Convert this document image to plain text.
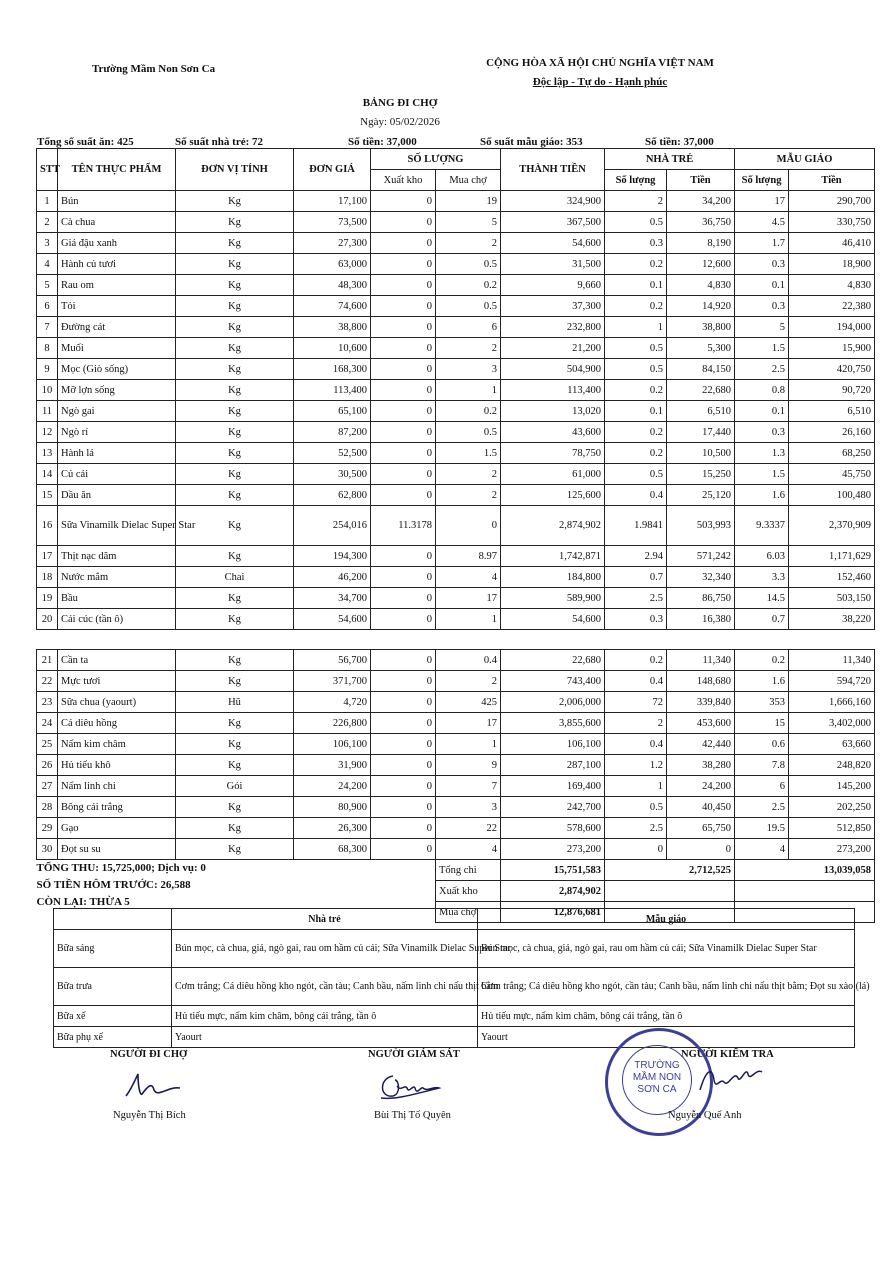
Trường Mầm Non Sơn Ca	CỘNG HÒA XÃ HỘI CHỦ NGHĨA VIỆT NAM
Độc lập - Tự do - Hạnh phúc
BẢNG ĐI CHỢ
Ngày: 05/02/2026
Tổng số suất ăn: 425	Số suất nhà trẻ: 72	Số tiền: 37,000	Số suất mẫu giáo: 353	Số tiền: 37,000
STT	TÊN THỰC PHẨM	ĐƠN VỊ TÍNH	ĐƠN GIÁ	SỐ LƯỢNG		THÀNH TIỀN	NHÀ TRẺ		MẪU GIÁO	
				Xuất kho	Mua chợ		Số lượng	Tiền	Số lượng	Tiền
1	Bún	Kg	17,100	0	19	324,900	2	34,200	17	290,700
2	Cà chua	Kg	73,500	0	5	367,500	0.5	36,750	4.5	330,750
3	Giá đậu xanh	Kg	27,300	0	2	54,600	0.3	8,190	1.7	46,410
4	Hành củ tươi	Kg	63,000	0	0.5	31,500	0.2	12,600	0.3	18,900
5	Rau om	Kg	48,300	0	0.2	9,660	0.1	4,830	0.1	4,830
6	Tỏi	Kg	74,600	0	0.5	37,300	0.2	14,920	0.3	22,380
7	Đường cát	Kg	38,800	0	6	232,800	1	38,800	5	194,000
8	Muối	Kg	10,600	0	2	21,200	0.5	5,300	1.5	15,900
9	Mọc (Giò sống)	Kg	168,300	0	3	504,900	0.5	84,150	2.5	420,750
10	Mỡ lợn sống	Kg	113,400	0	1	113,400	0.2	22,680	0.8	90,720
11	Ngò gai	Kg	65,100	0	0.2	13,020	0.1	6,510	0.1	6,510
12	Ngò rí	Kg	87,200	0	0.5	43,600	0.2	17,440	0.3	26,160
13	Hành lá	Kg	52,500	0	1.5	78,750	0.2	10,500	1.3	68,250
14	Củ cải	Kg	30,500	0	2	61,000	0.5	15,250	1.5	45,750
15	Dầu ăn	Kg	62,800	0	2	125,600	0.4	25,120	1.6	100,480
16	Sữa Vinamilk Dielac Super Star	Kg	254,016	11.3178	0	2,874,902	1.9841	503,993	9.3337	2,370,909
17	Thịt nạc dăm	Kg	194,300	0	8.97	1,742,871	2.94	571,242	6.03	1,171,629
18	Nước mắm	Chai	46,200	0	4	184,800	0.7	32,340	3.3	152,460
19	Bầu	Kg	34,700	0	17	589,900	2.5	86,750	14.5	503,150
20	Cải cúc (tần ô)	Kg	54,600	0	1	54,600	0.3	16,380	0.7	38,220
21	Cần ta	Kg	56,700	0	0.4	22,680	0.2	11,340	0.2	11,340
22	Mực tươi	Kg	371,700	0	2	743,400	0.4	148,680	1.6	594,720
23	Sữa chua (yaourt)	Hũ	4,720	0	425	2,006,000	72	339,840	353	1,666,160
24	Cá diêu hồng	Kg	226,800	0	17	3,855,600	2	453,600	15	3,402,000
25	Nấm kim châm	Kg	106,100	0	1	106,100	0.4	42,440	0.6	63,660
26	Hủ tiếu khô	Kg	31,900	0	9	287,100	1.2	38,280	7.8	248,820
27	Nấm linh chi	Gói	24,200	0	7	169,400	1	24,200	6	145,200
28	Bông cải trắng	Kg	80,900	0	3	242,700	0.5	40,450	2.5	202,250
29	Gạo	Kg	26,300	0	22	578,600	2.5	65,750	19.5	512,850
30	Đọt su su	Kg	68,300	0	4	273,200	0	0	4	273,200

TỔNG THU: 15,725,000; Dịch vụ: 0
SỐ TIỀN HÔM TRƯỚC: 26,588
CÒN LẠI: THỪA 5					Tổng chi	15,751,583	2,712,525		13,039,058	
					Xuất kho	2,874,902				
					Mua chợ	12,876,681				
	Nhà trẻ	Mẫu giáo
Bữa sáng	Bún mọc, cà chua, giá, ngò gai, rau om hầm củ cải; Sữa Vinamilk Dielac Super Star	Bún mọc, cà chua, giá, ngò gai, rau om hầm củ cải; Sữa Vinamilk Dielac Super Star
Bữa trưa	Cơm trắng; Cá diêu hồng kho ngót, cần tàu; Canh bầu, nấm linh chi nấu thịt bằm	Cơm trắng; Cá diêu hồng kho ngót, cần tàu; Canh bầu, nấm linh chi nấu thịt bằm; Đọt su xào (lá)
Bữa xế	Hủ tiếu mực, nấm kim châm, bông cải trắng, tần ô	Hủ tiếu mực, nấm kim châm, bông cải trắng, tần ô
Bữa phụ xế	Yaourt	Yaourt
NGƯỜI ĐI CHỢ
Nguyễn Thị Bích
NGƯỜI GIÁM SÁT
Bùi Thị Tố Quyên
NGƯỜI KIỂM TRA
TRƯỜNG
MẦM NON
SƠN CA
Nguyễn Quế Anh
